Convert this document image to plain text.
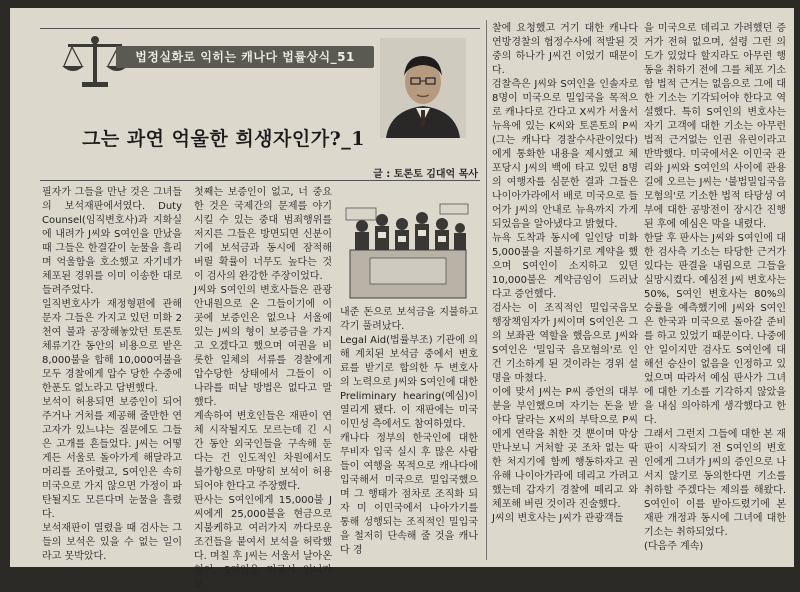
법정실화로 익히는 캐나다 법률상식_51
그는 과연 억울한 희생자인가?_1
글 : 토론토 김대억 목사
필자가 그들을 만난 것은 그녀들의 보석재판에서였다. Duty Counsel(임직변호사)과 지화실에 내려가 J씨와 S여인을 만났을 때 그들은 한결같이 눈물을 흘리며 억울함을 호소했고 자기네가 체포된 경위를 이미 이송한 대로 들려주었다.
일직변호사가 재정형편에 관해 문자 그들은 가지고 있던 미화 2천여 불과 공장해놓았던 토론토 체류기간 동안의 비용으로 받은 8,000불을 합해 10,000여불을 모두 경찰에게 압수 당한 수중에 한푼도 없노라고 답변했다.
보석이 허용되면 보증인이 되어 주거나 거처를 제공해 줄만한 연고자가 있느냐는 질문에도 그들은 고개를 흔들었다. J씨는 어떻게든 서울로 돌아가게 해달라고 머리를 조아렸고, S여인은 속히 미국으로 가지 않으면 가정이 파탄될지도 모른다며 눈물을 흘렸다.
보석재판이 열렸을 때 검사는 그들의 보석은 있을 수 없는 일이라고 못박았다.
첫째는 보증인이 없고, 너 중요한 것은 국제간의 문제를 야기시킬 수 있는 중대 범죄행위를 저지른 그들은 방면되면 신분이기에 보석금과 동시에 잠적해 버릴 확률이 너무도 높다는 것이 검사의 완강한 주장이었다.
J씨와 S여인의 변호사들은 관광안내원으로 온 그들이기에 이 곳에 보증인은 없으나 서울에 있는 J씨의 형이 보증금을 가지고 오겠다고 했으며 여권을 비롯한 일체의 서류를 경찰에게 압수당한 상태에서 그들이 이 나라를 떠날 방법은 없다고 말했다.
계속하여 변호인들은 재판이 연체 시작될지도 모르는데 긴 시간 동안 외국인들을 구속해 둔다는 건 인도적인 차원에서도 불가항으로 마땅히 보석이 허용되어야 한다고 주장했다.
판사는 S여인에게 15,000불 J씨에게 25,000불을 현금으로 지불케하고 여러가지 까다로운 조건들을 붙여서 보석을 허락했다. 며칠 후 J씨는 서울서 날아온 형이, S여인은 미국서 언니가 보
내준 돈으로 보석금을 지불하고 각기 풀려났다.
Legal Aid(법률부조) 기관에 의해 계치된 보석금 중에서 변호료를 받기로 합의한 두 변호사의 노력으로 J씨와 S여인에 대한 Preliminary hearing(예심)이 열리게 됐다. 이 재판에는 미국 이민성 측에서도 참여하였다.
캐나다 정부의 한국인에 대한 무비자 입국 실시 후 많은 사람들이 여행을 목적으로 캐나다에 입국해서 미국으로 밀입국했으며 그 행태가 점차로 조직화 되자 미 이민국에서 나아가기를 통해 성행되는 조직적인 밀입국을 철저히 단속해 줄 것을 캐나다 경
찰에 요청했고 거기 대한 캐나다 연방경찰의 협정수사에 적발된 것 중의 하나가 J씨건 이었기 때문이다.
검찰측은 J씨와 S여인을 인솔자로 8명이 미국으로 밀입국을 목적으로 캐나다로 간다고 X씨가 서울서 뉴욕에 있는 K씨와 토론토의 P씨(그는 캐나다 경찰수사관이었다)에게 통화한 내용을 제시했고 체포당시 J씨의 백에 타고 있던 8명의 여행자를 심문한 결과 그들은 나이아가라에서 배로 미국으로 들어가 J씨의 안내로 뉴욕까지 가게 되었음을 알아냈다고 밝혔다.
뉴욕 도착과 동시에 일인당 미화 5,000불을 지불하기로 계약을 했으며 S여인이 소지하고 있던 10,000불은 계약금임이 드러났다고 증언했다.
검사는 이 조직적인 밀입국음모 행장책임자가 J씨이며 S여인은 그의 보좌관 역할을 했음으로 J씨와 S여인은 '밀입국 음모혐의'로 인건 기소하게 된 것이라는 경위 설명을 마쳤다.
이에 맞서 J씨는 P씨 증언의 대부분을 부인했으며 자기는 돈을 받아다 달라는 X씨의 부탁으로 P씨에게 연락을 취한 것 뿐이며 막상 만나보니 거처할 곳 조차 없는 딱한 처지기에 함께 행동하자고 권유해 나이아가라에 데리고 가려고 했는데 갑자기 경찰에 떼리고 와 체포해 버린 것이라 진술했다.
J씨의 변호사는 J씨가 관광객들
을 미국으로 데리고 가려했던 증거가 전혀 없으며, 설령 그런 의도가 있었다 할지라도 아무런 행동을 취하기 전에 그를 체포 기소함 법적 근거는 없음으로 그에 대한 기소는 기각되어야 한다고 역설했다. 특히 S여인의 변호사는 자기 고객에 대한 기소는 아무런 법적 근거없는 인권 유린이라고 반박했다. 미국에서온 이민국 관리와 J씨와 S여인의 사이에 관용 길에 오르는 J씨는 '불법밀입국음모혐의'로 기소한 법적 타당성 여부에 대한 공방전이 장시간 진행된 후에 예심은 막을 내렸다.
한달 후 판사는 J씨와 S여인에 대한 검사측 기소는 타당한 근거가 있다는 판결을 내림으로 그들을 실망시켰다. 예심전 J씨 변호사는 50%, S여인 변호사는 80%의 승률을 예측했기에 J씨와 S여인은 한국과 미국으로 돌아갈 준비를 하고 있었기 때문이다. 나중에 안 일이지만 검사도 S여인에 대해선 승산이 없음을 인정하고 있었으며 따라서 예심 판사가 그녀에 대한 기소를 기각하지 않았을을 내심 의아하게 생각했다고 한다.
그래서 그런지 그들에 대한 본 재판이 시작되기 전 S여인의 변호인에게 그녀가 J씨의 증인으로 나서지 않기로 동의한다면 기소를 취하할 주겠다는 제의를 해왔다. S여인이 이를 받아드렸기에 본 재판 개정과 동시에 그녀에 대한 기소는 취하되었다.
(다음주 계속)
